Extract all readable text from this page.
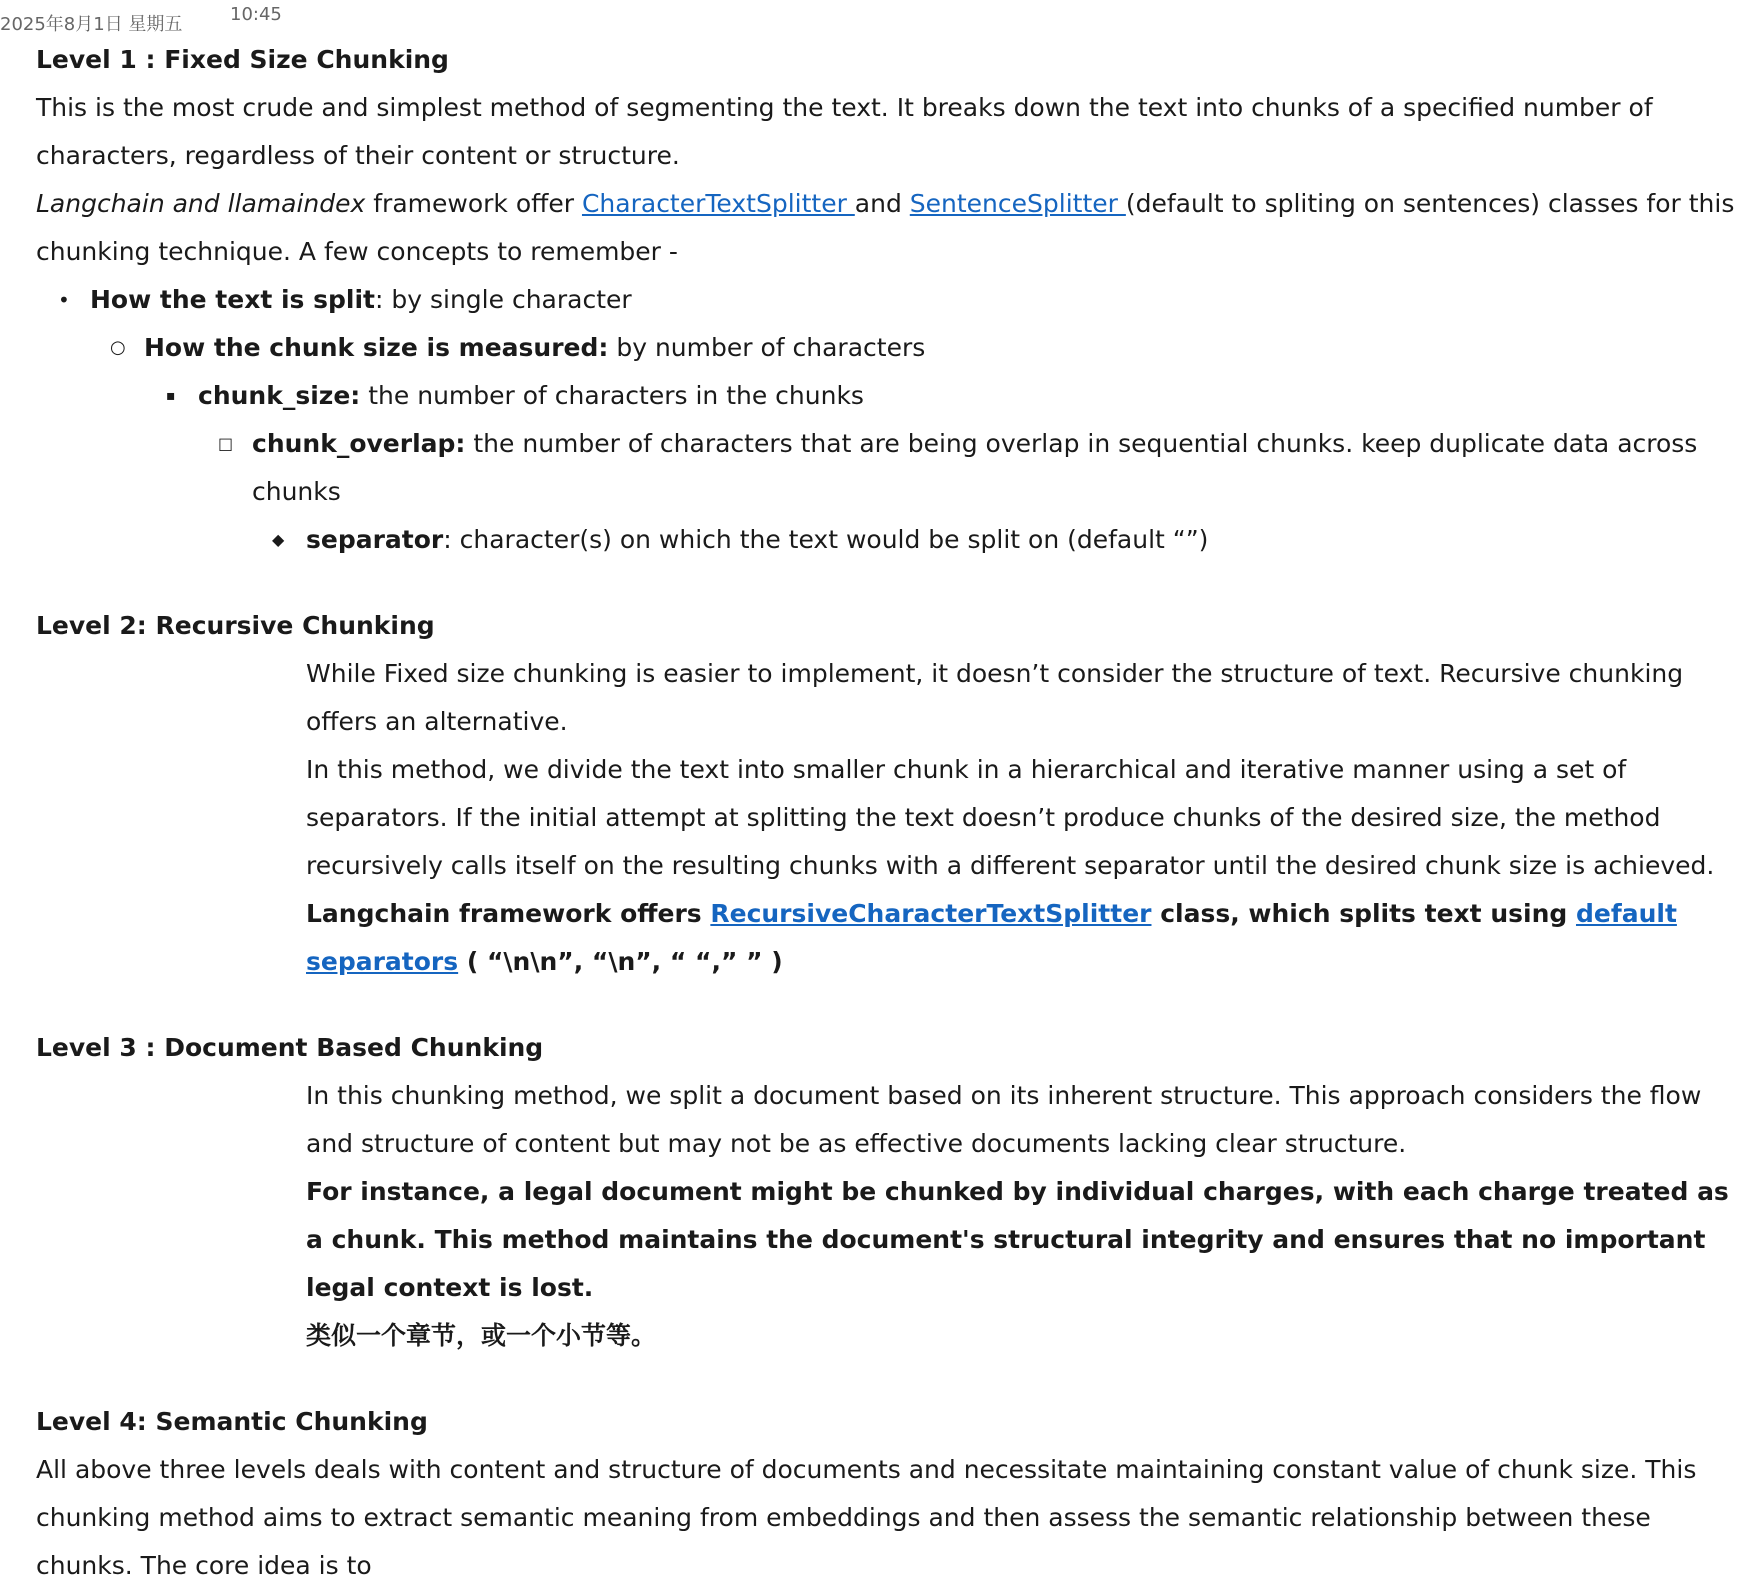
2025年8月1日 星期五	10:45

Level 1 : Fixed Size Chunking

This is the most crude and simplest method of segmenting the text. It breaks down the text into chunks of a specified number of characters, regardless of their content or structure.

Langchain and llamaindex framework offer CharacterTextSplitter and SentenceSplitter (default to spliting on sentences) classes for this chunking technique. A few concepts to remember -

• How the text is split: by single character
○ How the chunk size is measured: by number of characters
▪ chunk_size: the number of characters in the chunks
□ chunk_overlap: the number of characters that are being overlap in sequential chunks. keep duplicate data across chunks
◆ separator: character(s) on which the text would be split on (default “”)

Level 2: Recursive Chunking

While Fixed size chunking is easier to implement, it doesn’t consider the structure of text. Recursive chunking offers an alternative.

In this method, we divide the text into smaller chunk in a hierarchical and iterative manner using a set of separators. If the initial attempt at splitting the text doesn’t produce chunks of the desired size, the method recursively calls itself on the resulting chunks with a different separator until the desired chunk size is achieved.

Langchain framework offers RecursiveCharacterTextSplitter class, which splits text using default separators ( “\n\n”, “\n”, “ “,” ” )

Level 3 : Document Based Chunking

In this chunking method, we split a document based on its inherent structure. This approach considers the flow and structure of content but may not be as effective documents lacking clear structure.

For instance, a legal document might be chunked by individual charges, with each charge treated as a chunk. This method maintains the document's structural integrity and ensures that no important legal context is lost.

类似一个章节，或一个小节等。

Level 4: Semantic Chunking

All above three levels deals with content and structure of documents and necessitate maintaining constant value of chunk size. This chunking method aims to extract semantic meaning from embeddings and then assess the semantic relationship between these chunks. The core idea is to
